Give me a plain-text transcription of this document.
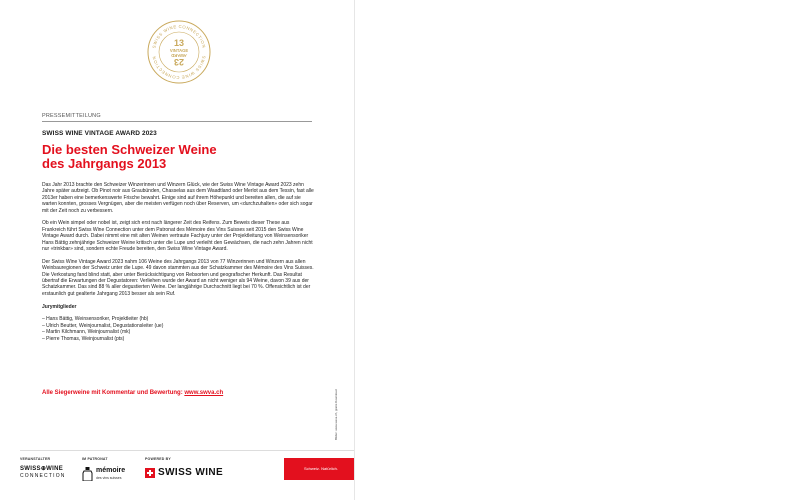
SWISS WINE CONNECTION
SWISS WINE CONNECTION
13
VINTAGE
AWARD
23
PRESSEMITTEILUNG
SWISS WINE VINTAGE AWARD 2023
Die besten Schweizer Weine
des Jahrgangs 2013

Das Jahr 2013 brachte den Schweizer Winzerinnen und Winzern Glück, wie der Swiss Wine Vintage Award 2023 zehn Jahre später aufzeigt. Ob Pinot noir aus Graubünden, Chasselas aus dem Waadtland oder Merlot aus dem Tessin, fast alle 2013er haben eine bemerkenswerte Frische bewahrt. Einige sind auf ihrem Höhepunkt und bereiten allen, die auf sie warten konnten, grosses Vergnügen, aber die meisten verfügen noch über Reserven, um «durchzuhalten» oder sich sogar mit der Zeit noch zu verbessern.

Ob ein Wein simpel oder nobel ist, zeigt sich erst nach längerer Zeit des Reifens. Zum Beweis dieser These aus Frankreich führt Swiss Wine Connection unter dem Patronat des Mémoire des Vins Suisses seit 2015 den Swiss Wine Vintage Award durch. Dabei nimmt eine mit alten Weinen vertraute Fachjury unter der Projektleitung von Weinsensoriker Hans Bättig zehnjährige Schweizer Weine kritisch unter die Lupe und verleiht den Gewächsen, die nach zehn Jahren nicht nur «trinkbar» sind, sondern echte Freude bereiten, den Swiss Wine Vintage Award.

Der Swiss Wine Vintage Award 2023 nahm 106 Weine des Jahrgangs 2013 von 77 Winzerinnen und Winzern aus allen Weinbauregionen der Schweiz unter die Lupe. 49 davon stammten aus der Schatzkammer des Mémoire des Vins Suisses. Die Verkostung fand blind statt, aber unter Berücksichtigung von Rebsorten und geografischer Herkunft. Das Resultat übertraf die Erwartungen der Degustatoren: Verliehen wurde der Award an nicht weniger als 94 Weine, davon 39 aus der Schatzkammer. Das sind 88 % aller degustierten Weine. Der langjährige Durchschnitt liegt bei 70 %. Offensichtlich ist der erstaunlich gut gealterte Jahrgang 2013 besser als sein Ruf.

Jurymitglieder

– Hans Bättig, Weinsensoriker, Projektleiter (hb)
– Ulrich Beutter, Weinjournalist, Degustationsleiter (ue)
– Martin Kilchmann, Weinjournalist (mk)
– Pierre Thomas, Weinjournalist (pts)
Alle Siegerweine mit Kommentar und Bewertung: www.swva.ch	Bilder: www.swva.ch, gratis Download
VERANSTALTER	IM PATRONAT	POWERED BY
SWISS⊕WINE
CONNECTION
mémoire
des vins suisses	SWISS WINE	Schweiz. Natürlich.
